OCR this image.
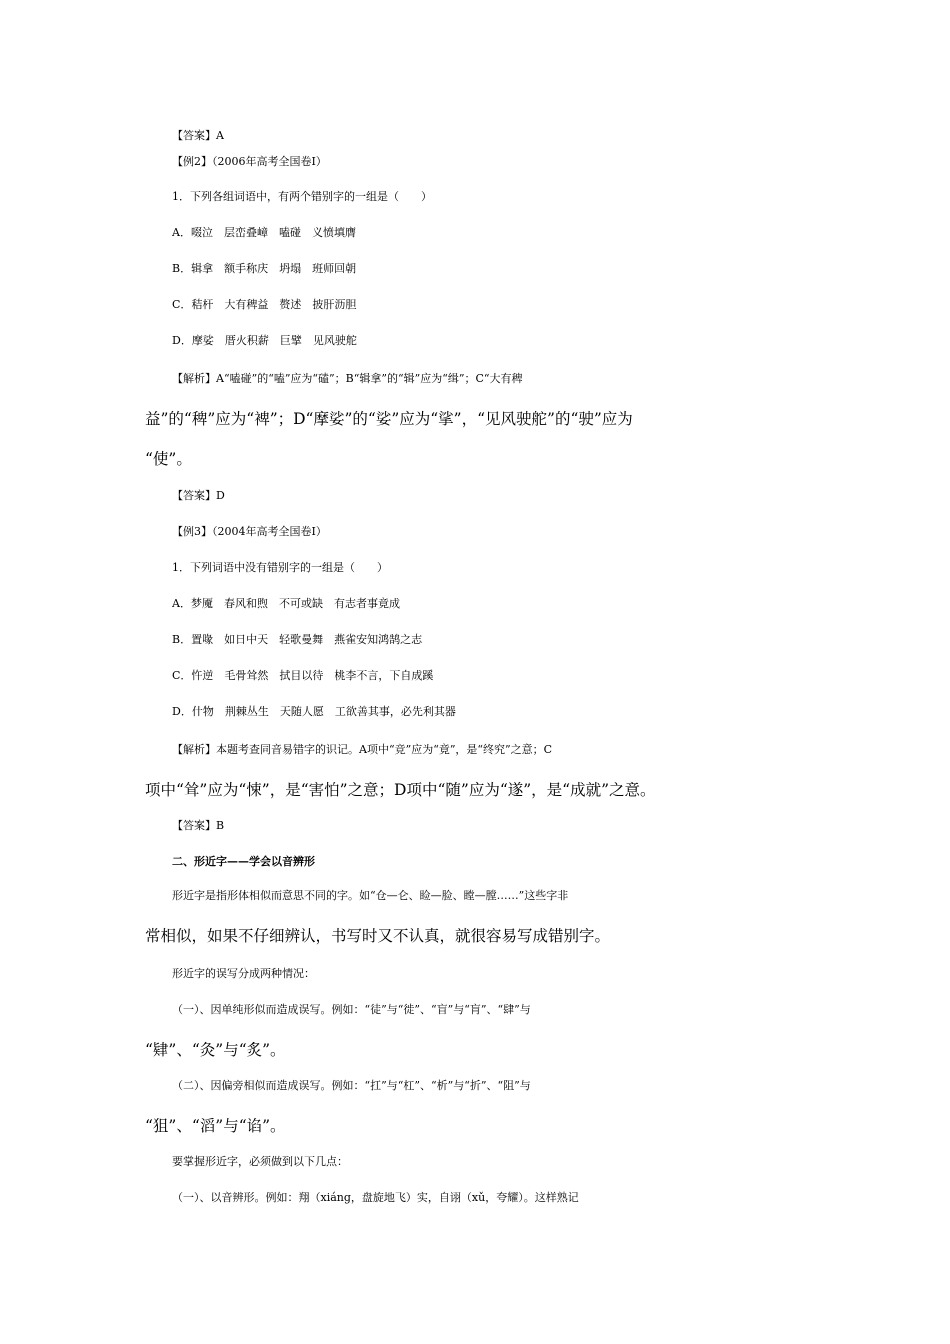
【答案】A
【例2】（2006年高考全国卷Ⅰ）
1．下列各组词语中，有两个错别字的一组是（　　）
A．啜泣　层峦叠嶂　嗑碰　义愤填膺
B．辑拿　额手称庆　坍塌　班师回朝
C．秸杆　大有稗益　赘述　披肝沥胆
D．摩娑　厝火积薪　巨擘　见风驶舵
【解析】A“嗑碰”的“嗑”应为“磕”；B“辑拿”的“辑”应为“缉”；C“大有稗
益”的“稗”应为“裨”；D“摩娑”的“娑”应为“挲”，“见风驶舵”的“驶”应为
“使”。
【答案】D
【例3】（2004年高考全国卷Ⅰ）
1．下列词语中没有错别字的一组是（　　）
A．梦魇　春风和煦　不可或缺　有志者事竟成
B．置喙　如日中天　轻歌曼舞　燕雀安知鸿鹄之志
C．忤逆　毛骨耸然　拭目以待　桃李不言，下自成蹊
D．什物　荆棘丛生　天随人愿　工欲善其事，必先利其器
【解析】本题考查同音易错字的识记。A项中“竞”应为“竟”，是“终究”之意；C
项中“耸”应为“悚”，是“害怕”之意；D项中“随”应为“遂”，是“成就”之意。
【答案】B
二、形近字——学会以音辨形
形近字是指形体相似而意思不同的字。如“仓—仑、睑—脸、瞠—膛……”这些字非
常相似，如果不仔细辨认，书写时又不认真，就很容易写成错别字。
形近字的误写分成两种情况：
（一）、因单纯形似而造成误写。例如：“徒”与“徙”、“盲”与“肓”、“肆”与
“肄”、“灸”与“炙”。
（二）、因偏旁相似而造成误写。例如：“扛”与“杠”、“析”与“折”、“阻”与
“狙”、“滔”与“谄”。
要掌握形近字，必须做到以下几点：
（一）、以音辨形。例如：翔（xiáng，盘旋地飞）实，自诩（xǔ，夸耀）。这样熟记
